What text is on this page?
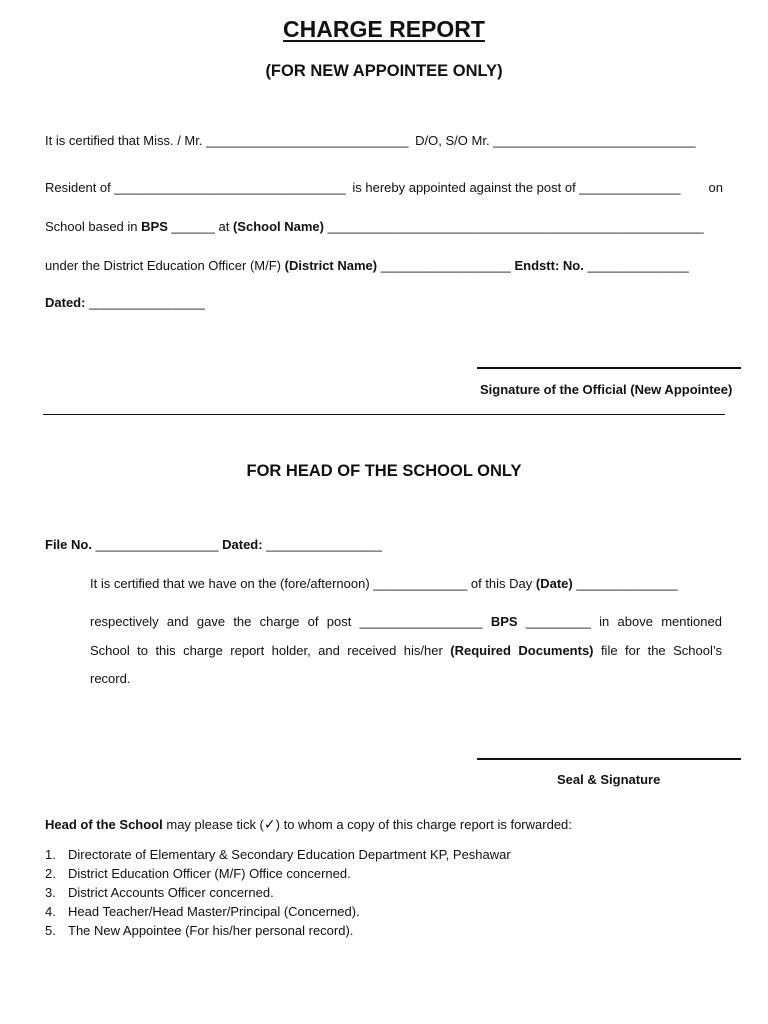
CHARGE REPORT
(FOR NEW APPOINTEE ONLY)
It is certified that Miss. / Mr. ____________________________ D/O, S/O Mr. ____________________________
Resident of ________________________________ is hereby appointed against the post of ______________ on
School based in BPS ______ at (School Name) ____________________________________________________
under the District Education Officer (M/F) (District Name) __________________ Endstt: No. ______________
Dated: ________________
Signature of the Official (New Appointee)
FOR HEAD OF THE SCHOOL ONLY
File No. _________________ Dated: ________________
It is certified that we have on the (fore/afternoon) _____________ of this Day (Date) ______________
respectively and gave the charge of post _________________ BPS _________ in above mentioned
School to this charge report holder, and received his/her (Required Documents) file for the School’s
record.
Seal & Signature
Head of the School may please tick (✓) to whom a copy of this charge report is forwarded:
1. Directorate of Elementary & Secondary Education Department KP, Peshawar
2. District Education Officer (M/F) Office concerned.
3. District Accounts Officer concerned.
4. Head Teacher/Head Master/Principal (Concerned).
5. The New Appointee (For his/her personal record).
